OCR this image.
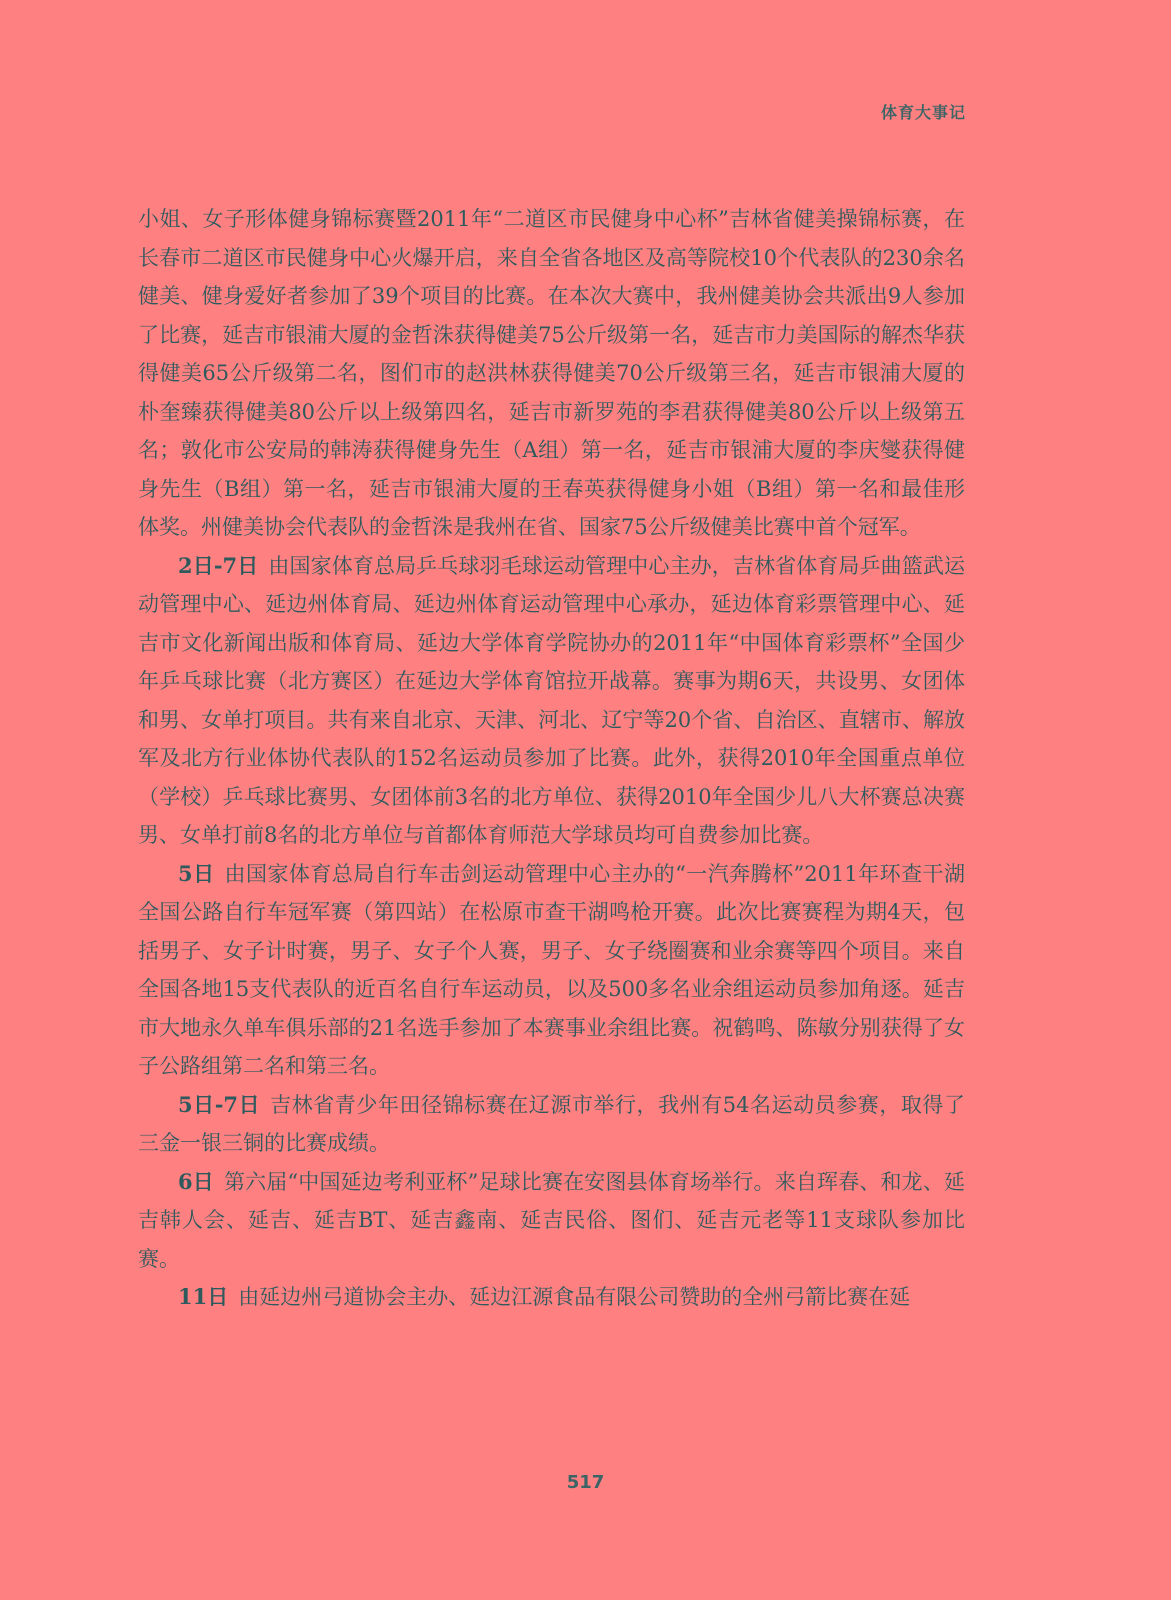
体育大事记

小姐、女子形体健身锦标赛暨2011年“二道区市民健身中心杯”吉林省健美操锦标赛，在长春市二道区市民健身中心火爆开启，来自全省各地区及高等院校10个代表队的230余名健美、健身爱好者参加了39个项目的比赛。在本次大赛中，我州健美协会共派出9人参加了比赛，延吉市银浦大厦的金哲洙获得健美75公斤级第一名，延吉市力美国际的解杰华获得健美65公斤级第二名，图们市的赵洪林获得健美70公斤级第三名，延吉市银浦大厦的朴奎臻获得健美80公斤以上级第四名，延吉市新罗苑的李君获得健美80公斤以上级第五名；敦化市公安局的韩涛获得健身先生（A组）第一名，延吉市银浦大厦的李庆燮获得健身先生（B组）第一名，延吉市银浦大厦的王春英获得健身小姐（B组）第一名和最佳形体奖。州健美协会代表队的金哲洙是我州在省、国家75公斤级健美比赛中首个冠军。

2日-7日 由国家体育总局乒乓球羽毛球运动管理中心主办，吉林省体育局乒曲篮武运动管理中心、延边州体育局、延边州体育运动管理中心承办，延边体育彩票管理中心、延吉市文化新闻出版和体育局、延边大学体育学院协办的2011年“中国体育彩票杯”全国少年乒乓球比赛（北方赛区）在延边大学体育馆拉开战幕。赛事为期6天，共设男、女团体和男、女单打项目。共有来自北京、天津、河北、辽宁等20个省、自治区、直辖市、解放军及北方行业体协代表队的152名运动员参加了比赛。此外，获得2010年全国重点单位（学校）乒乓球比赛男、女团体前3名的北方单位、获得2010年全国少儿八大杯赛总决赛男、女单打前8名的北方单位与首都体育师范大学球员均可自费参加比赛。

5日 由国家体育总局自行车击剑运动管理中心主办的“一汽奔腾杯”2011年环查干湖全国公路自行车冠军赛（第四站）在松原市查干湖鸣枪开赛。此次比赛赛程为期4天，包括男子、女子计时赛，男子、女子个人赛，男子、女子绕圈赛和业余赛等四个项目。来自全国各地15支代表队的近百名自行车运动员，以及500多名业余组运动员参加角逐。延吉市大地永久单车俱乐部的21名选手参加了本赛事业余组比赛。祝鹤鸣、陈敏分别获得了女子公路组第二名和第三名。

5日-7日 吉林省青少年田径锦标赛在辽源市举行，我州有54名运动员参赛，取得了三金一银三铜的比赛成绩。

6日 第六届“中国延边考利亚杯”足球比赛在安图县体育场举行。来自珲春、和龙、延吉韩人会、延吉、延吉BT、延吉鑫南、延吉民俗、图们、延吉元老等11支球队参加比赛。

11日 由延边州弓道协会主办、延边江源食品有限公司赞助的全州弓箭比赛在延

517
